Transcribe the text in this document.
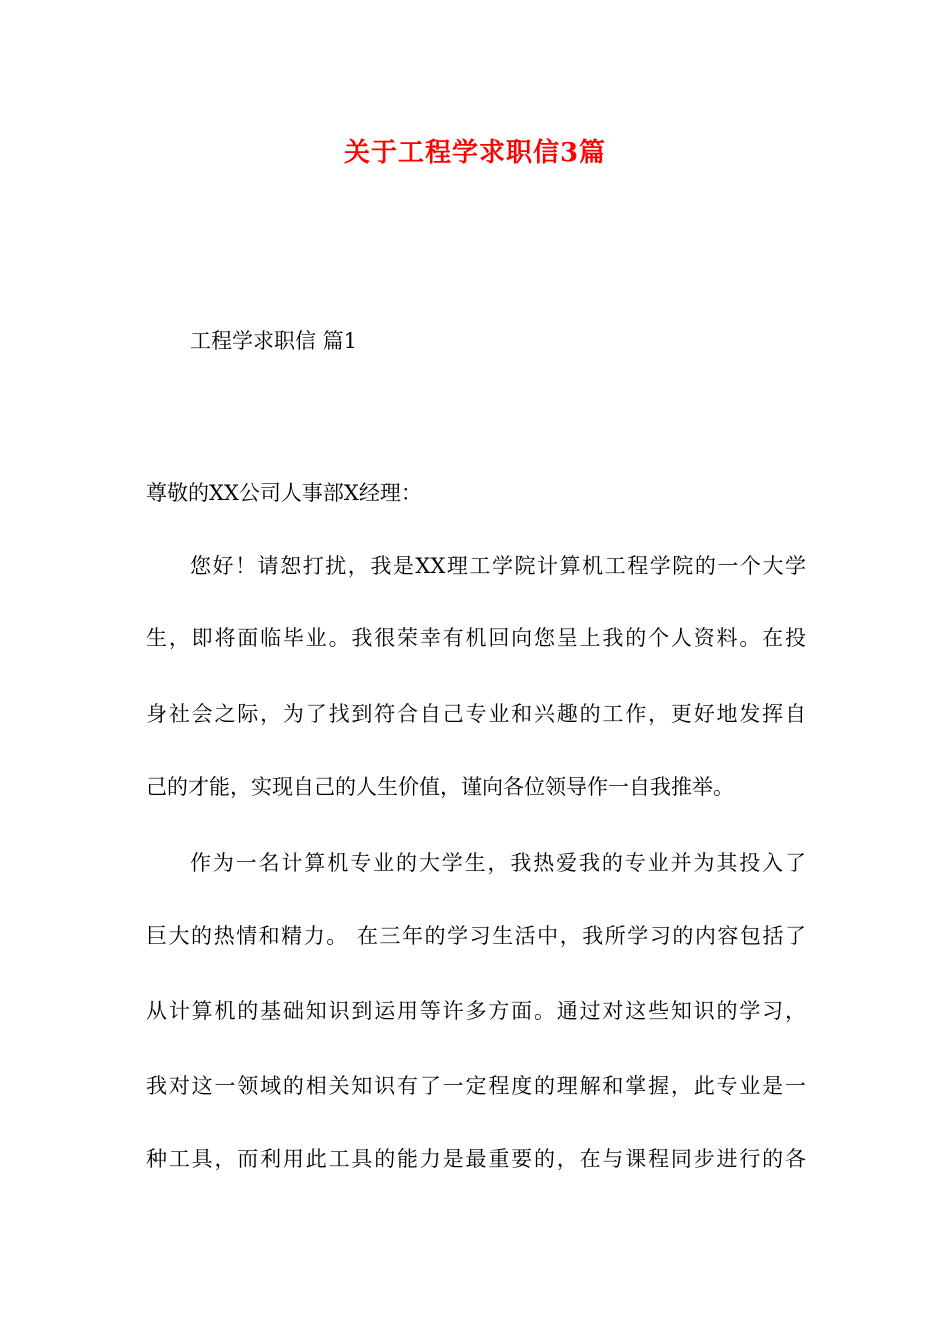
关于工程学求职信3篇
工程学求职信 篇1
尊敬的XX公司人事部X经理：
您好！请恕打扰，我是XX理工学院计算机工程学院的一个大学
生，即将面临毕业。我很荣幸有机回向您呈上我的个人资料。在投
身社会之际，为了找到符合自己专业和兴趣的工作，更好地发挥自
己的才能，实现自己的人生价值，谨向各位领导作一自我推举。
作为一名计算机专业的大学生，我热爱我的专业并为其投入了
巨大的热情和精力。 在三年的学习生活中，我所学习的内容包括了
从计算机的基础知识到运用等许多方面。通过对这些知识的学习，
我对这一领域的相关知识有了一定程度的理解和掌握，此专业是一
种工具，而利用此工具的能力是最重要的，在与课程同步进行的各
